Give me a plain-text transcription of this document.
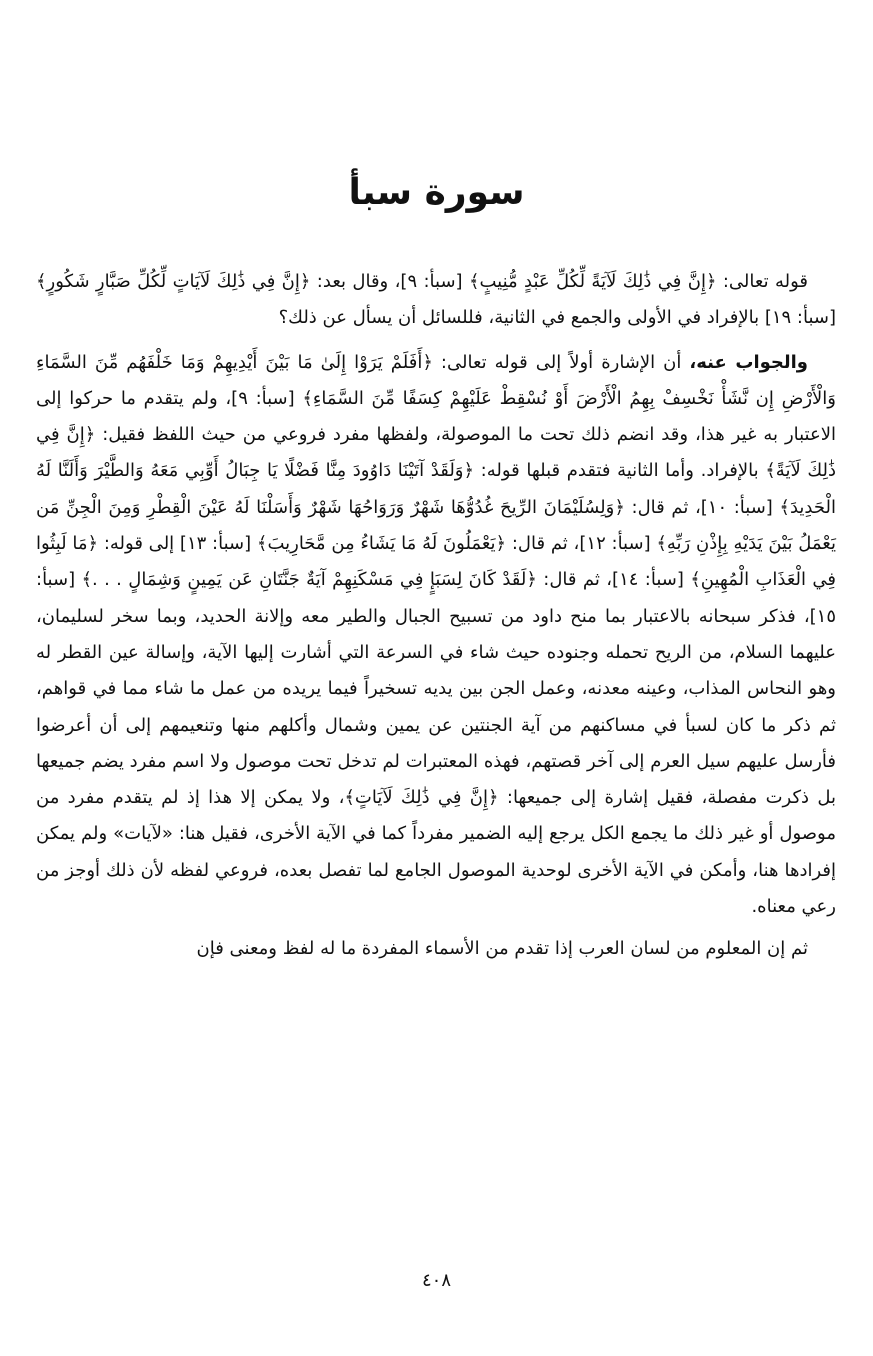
سورة سبأ

قوله تعالى: ﴿إِنَّ فِي ذَٰلِكَ لَآيَةً لِّكُلِّ عَبْدٍ مُّنِيبٍ﴾ [سبأ: ٩]، وقال بعد: ﴿إِنَّ فِي ذَٰلِكَ لَآيَاتٍ لِّكُلِّ صَبَّارٍ شَكُورٍ﴾ [سبأ: ١٩] بالإفراد في الأولى والجمع في الثانية، فللسائل أن يسأل عن ذلك؟

والجواب عنه، أن الإشارة أولاً إلى قوله تعالى: ﴿أَفَلَمْ يَرَوْا إِلَىٰ مَا بَيْنَ أَيْدِيهِمْ وَمَا خَلْفَهُم مِّنَ السَّمَاءِ وَالْأَرْضِ إِن نَّشَأْ نَخْسِفْ بِهِمُ الْأَرْضَ أَوْ نُسْقِطْ عَلَيْهِمْ كِسَفًا مِّنَ السَّمَاءِ﴾ [سبأ: ٩]، ولم يتقدم ما حركوا إلى الاعتبار به غير هذا، وقد انضم ذلك تحت ما الموصولة، ولفظها مفرد فروعي من حيث اللفظ فقيل: ﴿إِنَّ فِي ذَٰلِكَ لَآيَةً﴾ بالإفراد. وأما الثانية فتقدم قبلها قوله: ﴿وَلَقَدْ آتَيْنَا دَاوُودَ مِنَّا فَضْلًا يَا جِبَالُ أَوِّبِي مَعَهُ وَالطَّيْرَ وَأَلَنَّا لَهُ الْحَدِيدَ﴾ [سبأ: ١٠]، ثم قال: ﴿وَلِسُلَيْمَانَ الرِّيحَ غُدُوُّهَا شَهْرٌ وَرَوَاحُهَا شَهْرٌ وَأَسَلْنَا لَهُ عَيْنَ الْقِطْرِ وَمِنَ الْجِنِّ مَن يَعْمَلُ بَيْنَ يَدَيْهِ بِإِذْنِ رَبِّهِ﴾ [سبأ: ١٢]، ثم قال: ﴿يَعْمَلُونَ لَهُ مَا يَشَاءُ مِن مَّحَارِيبَ﴾ [سبأ: ١٣] إلى قوله: ﴿مَا لَبِثُوا فِي الْعَذَابِ الْمُهِينِ﴾ [سبأ: ١٤]، ثم قال: ﴿لَقَدْ كَانَ لِسَبَإٍ فِي مَسْكَنِهِمْ آيَةٌ جَنَّتَانِ عَن يَمِينٍ وَشِمَالٍ . . .﴾ [سبأ: ١٥]، فذكر سبحانه بالاعتبار بما منح داود من تسبيح الجبال والطير معه وإلانة الحديد، وبما سخر لسليمان، عليهما السلام، من الريح تحمله وجنوده حيث شاء في السرعة التي أشارت إليها الآية، وإسالة عين القطر له وهو النحاس المذاب، وعينه معدنه، وعمل الجن بين يديه تسخيراً فيما يريده من عمل ما شاء مما في قواهم، ثم ذكر ما كان لسبأ في مساكنهم من آية الجنتين عن يمين وشمال وأكلهم منها وتنعيمهم إلى أن أعرضوا فأرسل عليهم سيل العرم إلى آخر قصتهم، فهذه المعتبرات لم تدخل تحت موصول ولا اسم مفرد يضم جميعها بل ذكرت مفصلة، فقيل إشارة إلى جميعها: ﴿إِنَّ فِي ذَٰلِكَ لَآيَاتٍ﴾، ولا يمكن إلا هذا إذ لم يتقدم مفرد من موصول أو غير ذلك ما يجمع الكل يرجع إليه الضمير مفرداً كما في الآية الأخرى، فقيل هنا: «لآيات» ولم يمكن إفرادها هنا، وأمكن في الآية الأخرى لوحدية الموصول الجامع لما تفصل بعده، فروعي لفظه لأن ذلك أوجز من رعي معناه.

ثم إن المعلوم من لسان العرب إذا تقدم من الأسماء المفردة ما له لفظ ومعنى فإن

٤٠٨
